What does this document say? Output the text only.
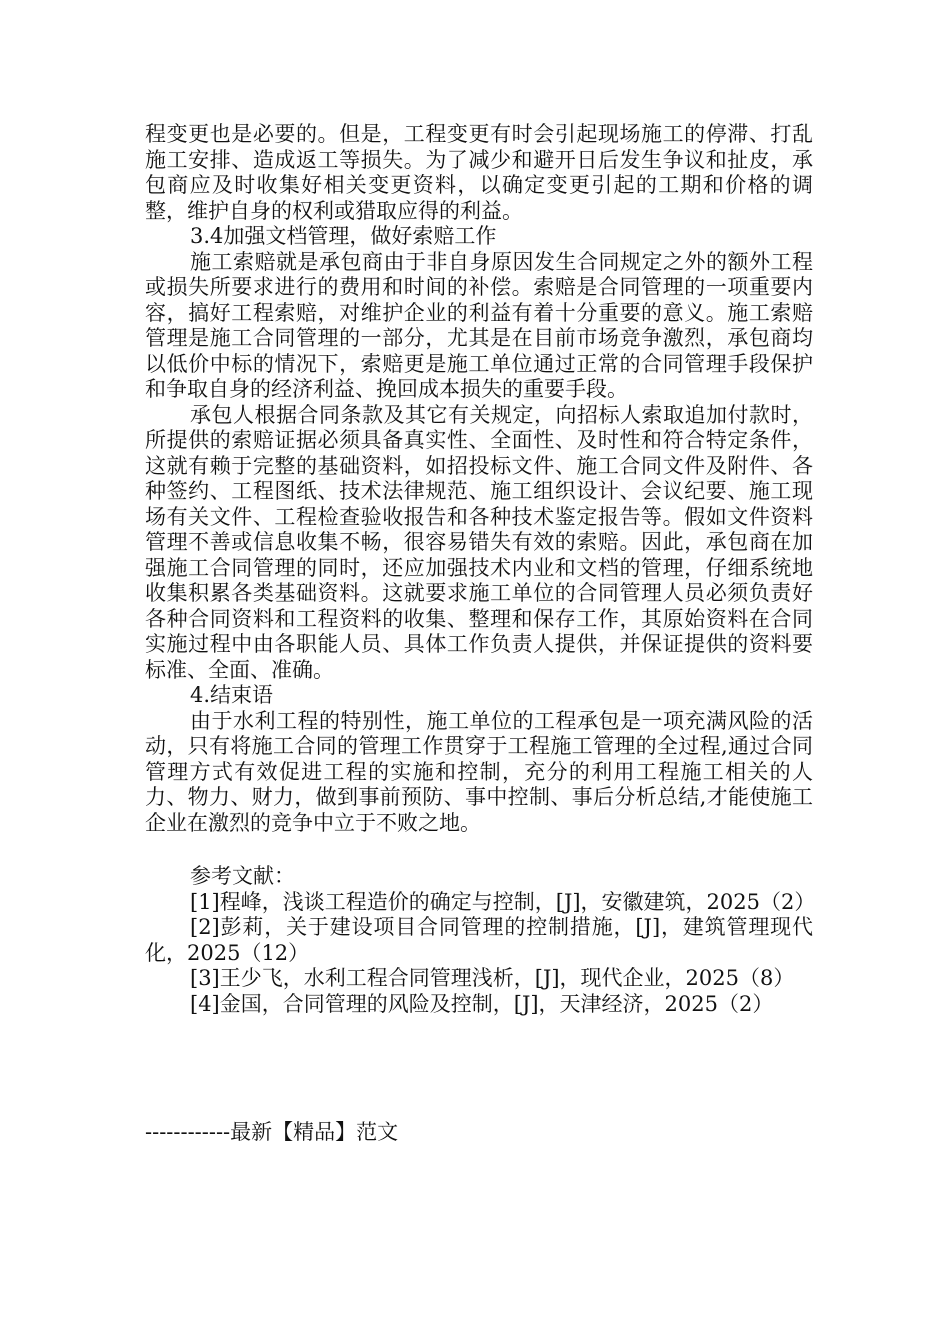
程变更也是必要的。但是，工程变更有时会引起现场施工的停滞、打乱施工安排、造成返工等损失。为了减少和避开日后发生争议和扯皮，承包商应及时收集好相关变更资料，以确定变更引起的工期和价格的调整，维护自身的权利或猎取应得的利益。

3.4加强文档管理，做好索赔工作

施工索赔就是承包商由于非自身原因发生合同规定之外的额外工程或损失所要求进行的费用和时间的补偿。索赔是合同管理的一项重要内容，搞好工程索赔，对维护企业的利益有着十分重要的意义。施工索赔管理是施工合同管理的一部分，尤其是在目前市场竞争激烈，承包商均以低价中标的情况下，索赔更是施工单位通过正常的合同管理手段保护和争取自身的经济利益、挽回成本损失的重要手段。

承包人根据合同条款及其它有关规定，向招标人索取追加付款时，所提供的索赔证据必须具备真实性、全面性、及时性和符合特定条件，这就有赖于完整的基础资料，如招投标文件、施工合同文件及附件、各种签约、工程图纸、技术法律规范、施工组织设计、会议纪要、施工现场有关文件、工程检查验收报告和各种技术鉴定报告等。假如文件资料管理不善或信息收集不畅，很容易错失有效的索赔。因此，承包商在加强施工合同管理的同时，还应加强技术内业和文档的管理，仔细系统地收集积累各类基础资料。这就要求施工单位的合同管理人员必须负责好各种合同资料和工程资料的收集、整理和保存工作，其原始资料在合同实施过程中由各职能人员、具体工作负责人提供，并保证提供的资料要标准、全面、准确。

4.结束语

由于水利工程的特别性，施工单位的工程承包是一项充满风险的活动，只有将施工合同的管理工作贯穿于工程施工管理的全过程,通过合同管理方式有效促进工程的实施和控制，充分的利用工程施工相关的人力、物力、财力，做到事前预防、事中控制、事后分析总结,才能使施工企业在激烈的竞争中立于不败之地。

参考文献：

[1]程峰，浅谈工程造价的确定与控制，[J]，安徽建筑，2025（2）

[2]彭莉，关于建设项目合同管理的控制措施，[J]，建筑管理现代化，2025（12）

[3]王少飞，水利工程合同管理浅析，[J]，现代企业，2025（8）

[4]金国，合同管理的风险及控制，[J]，天津经济，2025（2）

------------最新【精品】范文
